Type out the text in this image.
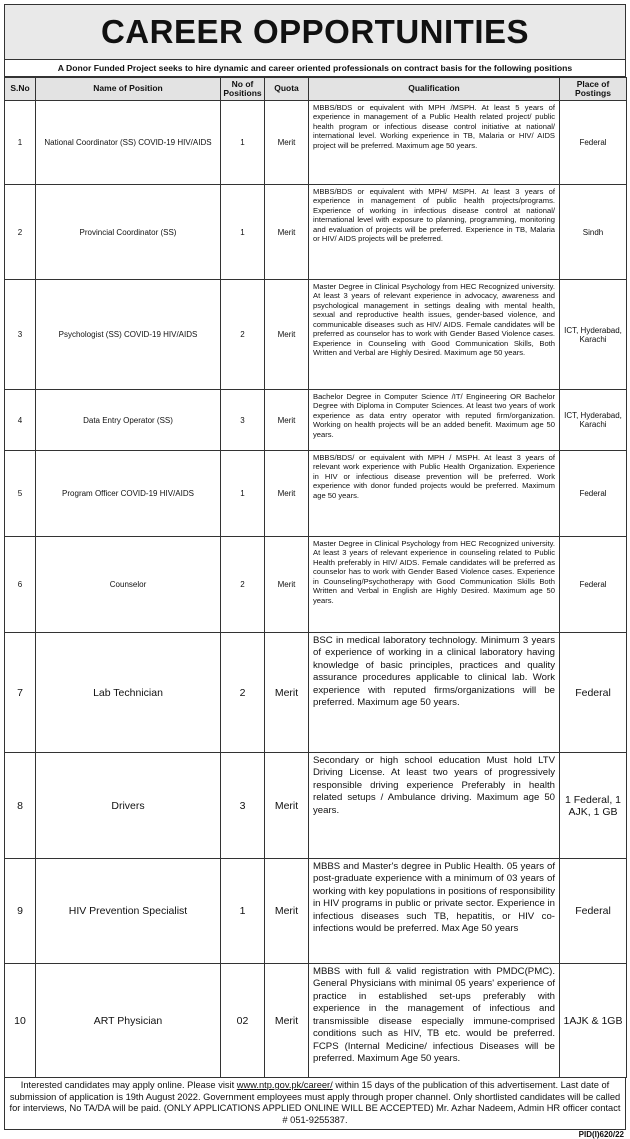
CAREER OPPORTUNITIES
A Donor Funded Project seeks to hire dynamic and career oriented professionals on contract basis for the following positions
S.No	Name of Position	No of Positions	Quota	Qualification	Place of Postings
1	National Coordinator (SS) COVID-19 HIV/AIDS	1	Merit	MBBS/BDS or equivalent with MPH /MSPH. At least 5 years of experience in management of a Public Health related project/ public health program or infectious disease control initiative at national/ international level. Working experience in TB, Malaria or HIV/ AIDS project will be preferred. Maximum age 50 years.	Federal
2	Provincial Coordinator (SS)	1	Merit	MBBS/BDS or equivalent with MPH/ MSPH. At least 3 years of experience in management of public health projects/programs. Experience of working in infectious disease control at national/ international level with exposure to planning, programming, monitoring and evaluation of projects will be preferred. Experience in TB, Malaria or HIV/ AIDS projects will be preferred.	Sindh
3	Psychologist (SS) COVID-19 HIV/AIDS	2	Merit	Master Degree in Clinical Psychology from HEC Recognized university. At least 3 years of relevant experience in advocacy, awareness and psychological management in settings dealing with mental health, sexual and reproductive health issues, gender-based violence, and communicable diseases such as HIV/ AIDS. Female candidates will be preferred as counselor has to work with Gender Based Violence cases. Experience in Counseling with Good Communication Skills, Both Written and Verbal are Highly Desired. Maximum age 50 years.	ICT, Hyderabad, Karachi
4	Data Entry Operator (SS)	3	Merit	Bachelor Degree in Computer Science /IT/ Engineering OR Bachelor Degree with Diploma in Computer Sciences. At least two years of work experience as data entry operator with reputed firm/organization. Working on health projects will be an added benefit. Maximum age 50 years.	ICT, Hyderabad, Karachi
5	Program Officer COVID-19 HIV/AIDS	1	Merit	MBBS/BDS/ or equivalent with MPH / MSPH. At least 3 years of relevant work experience with Public Health Organization. Experience in HIV or infectious disease prevention will be preferred. Work experience with donor funded projects would be preferred. Maximum age 50 years.	Federal
6	Counselor	2	Merit	Master Degree in Clinical Psychology from HEC Recognized university. At least 3 years of relevant experience in counseling related to Public Health preferably in HIV/ AIDS. Female candidates will be preferred as counselor has to work with Gender Based Violence cases. Experience in Counseling/Psychotherapy with Good Communication Skills Both Written and Verbal in English are Highly Desired. Maximum age 50 years.	Federal
7	Lab Technician	2	Merit	BSC in medical laboratory technology. Minimum 3 years of experience of working in a clinical laboratory having knowledge of basic principles, practices and quality assurance procedures applicable to clinical lab. Work experience with reputed firms/organizations will be preferred. Maximum age 50 years.	Federal
8	Drivers	3	Merit	Secondary or high school education Must hold LTV Driving License. At least two years of progressively responsible driving experience Preferably in health related setups / Ambulance driving. Maximum age 50 years.	1 Federal, 1 AJK, 1 GB
9	HIV Prevention Specialist	1	Merit	MBBS and Master's degree in Public Health. 05 years of post-graduate experience with a minimum of 03 years of working with key populations in positions of responsibility in HIV programs in public or private sector. Experience in infectious diseases such TB, hepatitis, or HIV co-infections would be preferred. Max Age 50 years	Federal
10	ART Physician	02	Merit	MBBS with full & valid registration with PMDC(PMC). General Physicians with minimal 05 years' experience of practice in established set-ups preferably with experience in the management of infectious and transmissible disease especially immune-comprised conditions such as HIV, TB etc. would be preferred. FCPS (Internal Medicine/ infectious Diseases will be preferred. Maximum Age 50 years.	1AJK & 1GB
Interested candidates may apply online. Please visit www.ntp.gov.pk/career/ within 15 days of the publication of this advertisement. Last date of submission of application is 19th August 2022. Government employees must apply through proper channel. Only shortlisted candidates will be called for interviews, No TA/DA will be paid. (ONLY APPLICATIONS APPLIED ONLINE WILL BE ACCEPTED) Mr. Azhar Nadeem, Admin HR officer contact # 051-9255387.
PID(I)620/22
